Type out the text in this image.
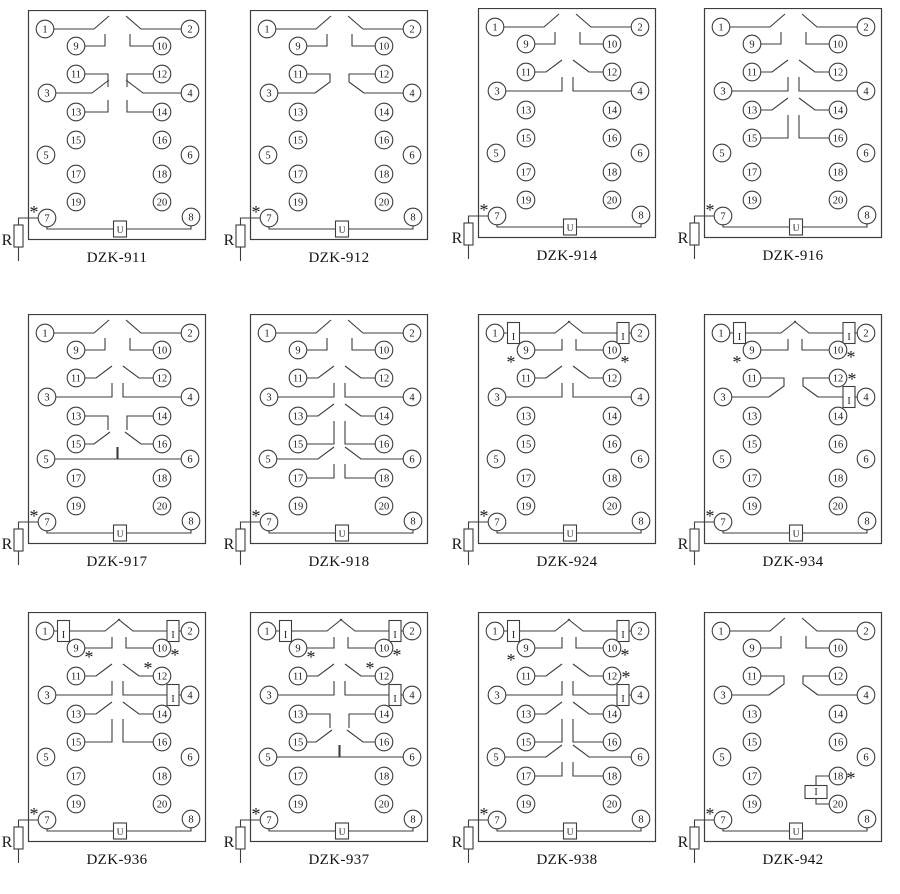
R
U
1	2
9	10
11	12
3	4
13	14
15	16
5	6
17	18
19	20
7	8
*
DZK-911
R
U
1	2
9	10
11	12
3	4
13	14
15	16
5	6
17	18
19	20
7	8
*
DZK-912
R
U
1	2
9	10
11	12
3	4
13	14
15	16
5	6
17	18
19	20
7	8
*
DZK-914
R
U
1	2
9	10
11	12
3	4
13	14
15	16
5	6
17	18
19	20
7	8
*
DZK-916
R
U
1	2
9	10
11	12
3	4
13	14
15	16
5	6
17	18
19	20
7	8
*
DZK-917
R
U
1	2
9	10
11	12
3	4
13	14
15	16
5	6
17	18
19	20
7	8
*
DZK-918
R
U
I	I
1	2
9	10
11	12
3	4
13	14
15	16
5	6
17	18
19	20
7	8
*
*	*
DZK-924
R
U
I	I
I
1	2
9	10
11	12
3	4
13	14
15	16
5	6
17	18
19	20
7	8
*
*	*
*
DZK-934
R
U
I	I
I
1	2
9	10
11	12
3	4
13	14
15	16
5	6
17	18
19	20
7	8
*
*	*
*
DZK-936
R
U
I	I
I
1	2
9	10
11	12
3	4
13	14
15	16
5	6
17	18
19	20
7	8
*
*	*
*
DZK-937
R
U
I	I
I
1	2
9	10
11	12
3	4
13	14
15	16
5	6
17	18
19	20
7	8
*
*	*
*
DZK-938
R
U
I
1	2
9	10
11	12
3	4
13	14
15	16
5	6
17	18
19	20
7	8
*
*
DZK-942
